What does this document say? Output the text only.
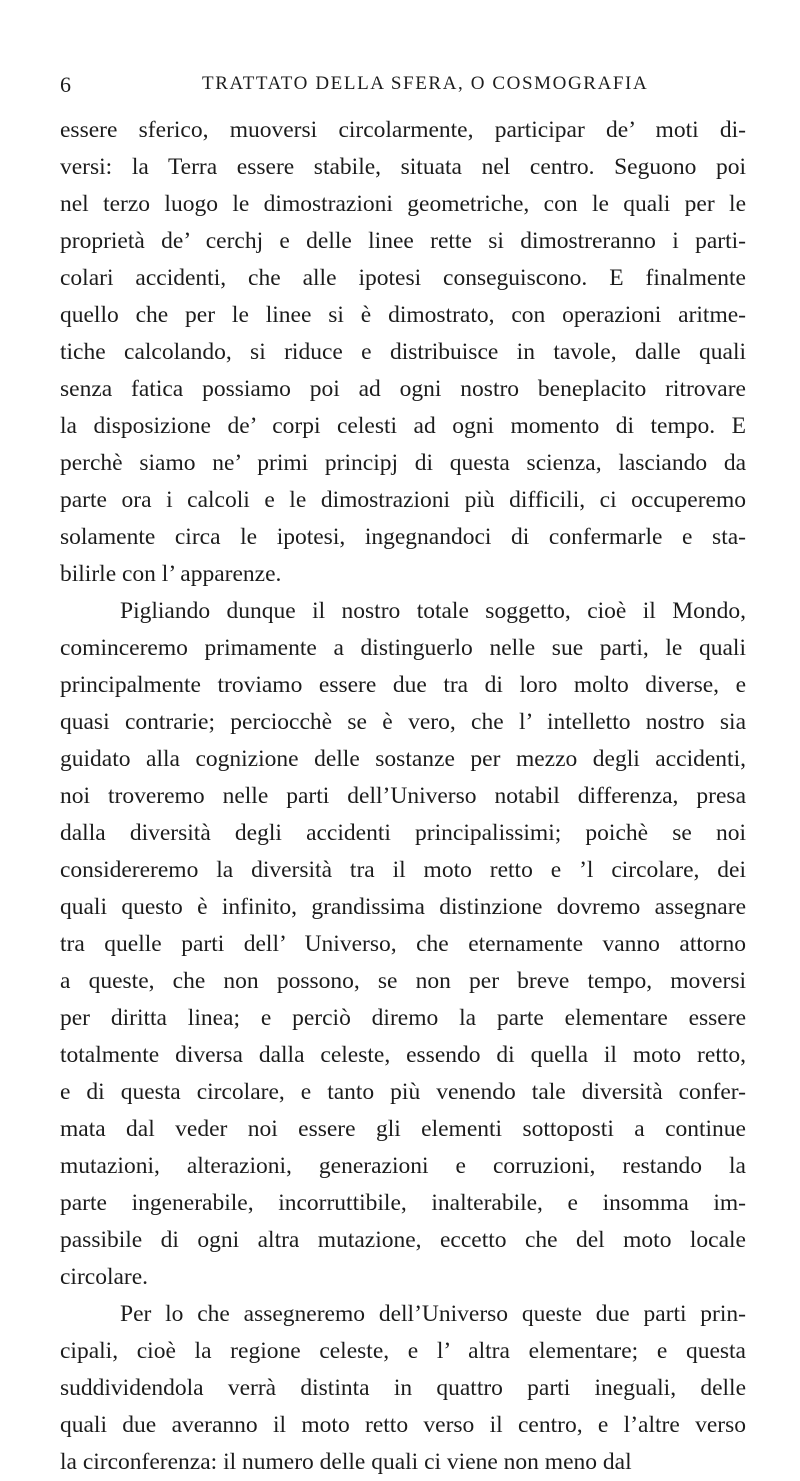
6	TRATTATO DELLA SFERA, O COSMOGRAFIA
essere sferico, muoversi circolarmente, participar de’ moti di-
versi: la Terra essere stabile, situata nel centro. Seguono poi
nel terzo luogo le dimostrazioni geometriche, con le quali per le
proprietà de’ cerchj e delle linee rette si dimostreranno i parti-
colari accidenti, che alle ipotesi conseguiscono. E finalmente
quello che per le linee si è dimostrato, con operazioni aritme-
tiche calcolando, si riduce e distribuisce in tavole, dalle quali
senza fatica possiamo poi ad ogni nostro beneplacito ritrovare
la disposizione de’ corpi celesti ad ogni momento di tempo. E
perchè siamo ne’ primi principj di questa scienza, lasciando da
parte ora i calcoli e le dimostrazioni più difficili, ci occuperemo
solamente circa le ipotesi, ingegnandoci di confermarle e sta-
bilirle con l’ apparenze.
Pigliando dunque il nostro totale soggetto, cioè il Mondo,
cominceremo primamente a distinguerlo nelle sue parti, le quali
principalmente troviamo essere due tra di loro molto diverse, e
quasi contrarie; perciocchè se è vero, che l’ intelletto nostro sia
guidato alla cognizione delle sostanze per mezzo degli accidenti,
noi troveremo nelle parti dell’Universo notabil differenza, presa
dalla diversità degli accidenti principalissimi; poichè se noi
considereremo la diversità tra il moto retto e ’l circolare, dei
quali questo è infinito, grandissima distinzione dovremo assegnare
tra quelle parti dell’ Universo, che eternamente vanno attorno
a queste, che non possono, se non per breve tempo, moversi
per diritta linea; e perciò diremo la parte elementare essere
totalmente diversa dalla celeste, essendo di quella il moto retto,
e di questa circolare, e tanto più venendo tale diversità confer-
mata dal veder noi essere gli elementi sottoposti a continue
mutazioni, alterazioni, generazioni e corruzioni, restando la
parte ingenerabile, incorruttibile, inalterabile, e insomma im-
passibile di ogni altra mutazione, eccetto che del moto locale
circolare.
Per lo che assegneremo dell’Universo queste due parti prin-
cipali, cioè la regione celeste, e l’ altra elementare; e questa
suddividendola verrà distinta in quattro parti ineguali, delle
quali due averanno il moto retto verso il centro, e l’altre verso
la circonferenza: il numero delle quali ci viene non meno dal
